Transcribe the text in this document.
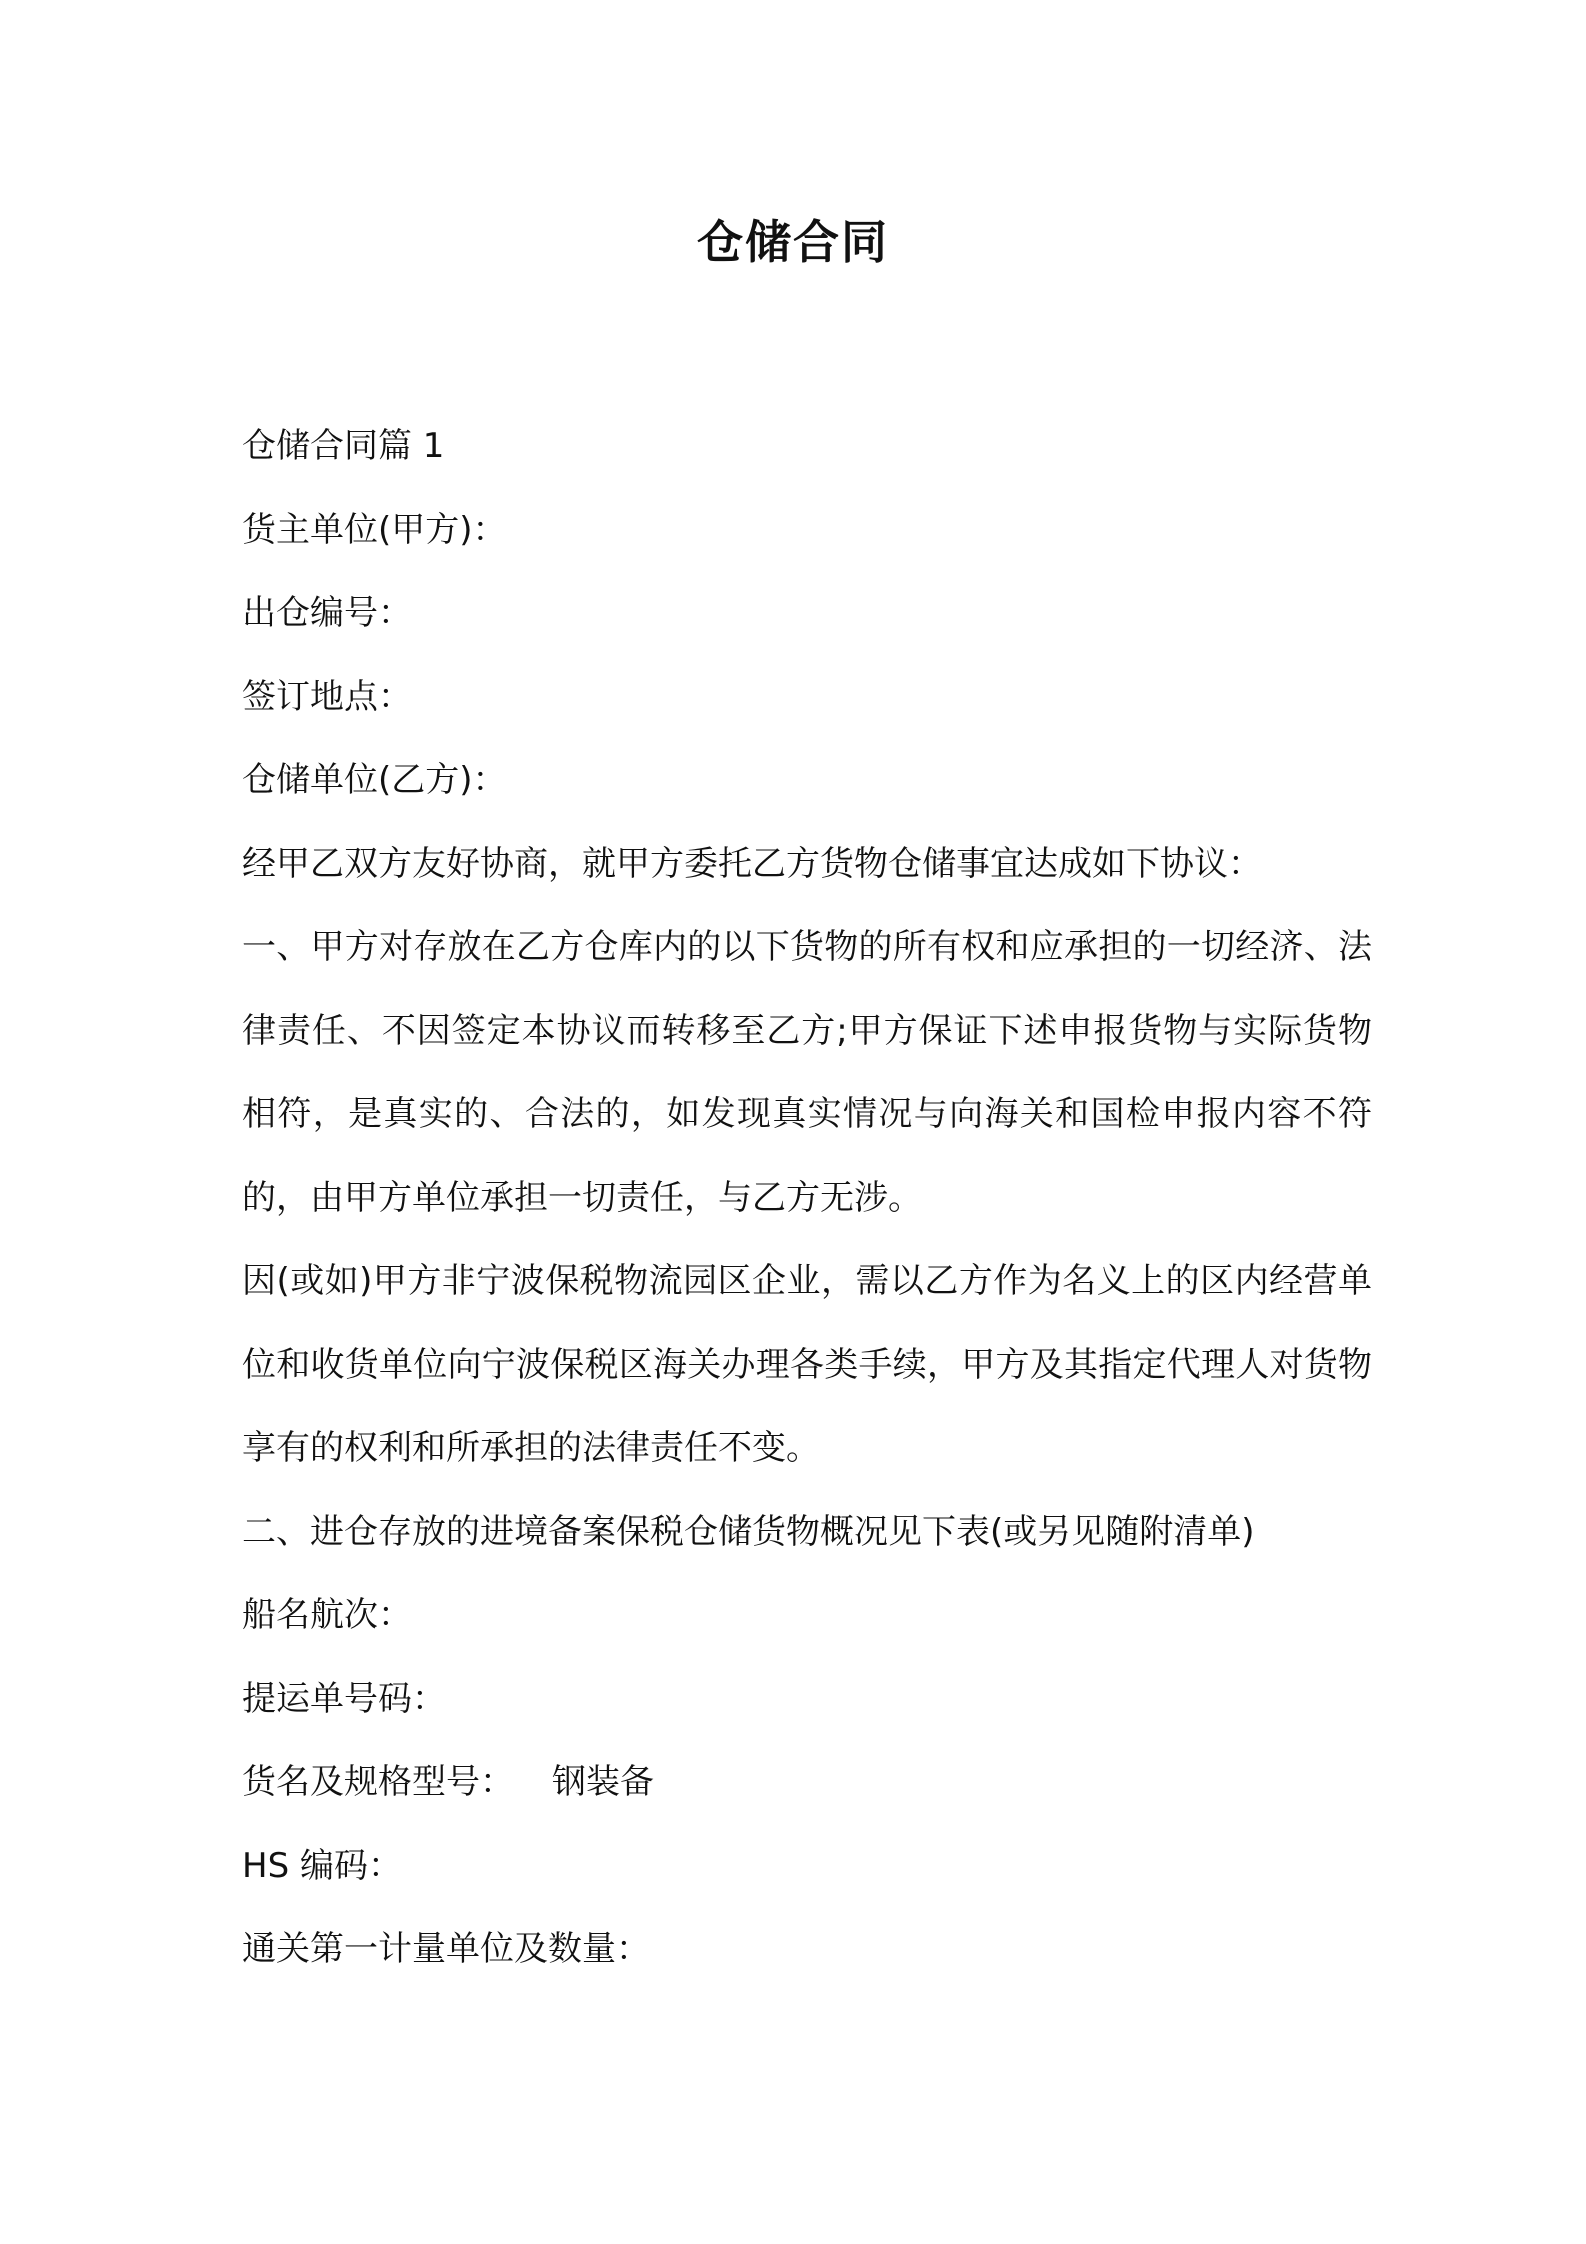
仓储合同
仓储合同篇 1
货主单位(甲方)：
出仓编号：
签订地点：
仓储单位(乙方)：
经甲乙双方友好协商，就甲方委托乙方货物仓储事宜达成如下协议：
一、甲方对存放在乙方仓库内的以下货物的所有权和应承担的一切经济、法律责任、不因签定本协议而转移至乙方;甲方保证下述申报货物与实际货物相符，是真实的、合法的，如发现真实情况与向海关和国检申报内容不符的，由甲方单位承担一切责任，与乙方无涉。
因(或如)甲方非宁波保税物流园区企业，需以乙方作为名义上的区内经营单位和收货单位向宁波保税区海关办理各类手续，甲方及其指定代理人对货物享有的权利和所承担的法律责任不变。
二、进仓存放的进境备案保税仓储货物概况见下表(或另见随附清单)
船名航次：
提运单号码：
货名及规格型号： 钢装备
HS 编码：
通关第一计量单位及数量：
